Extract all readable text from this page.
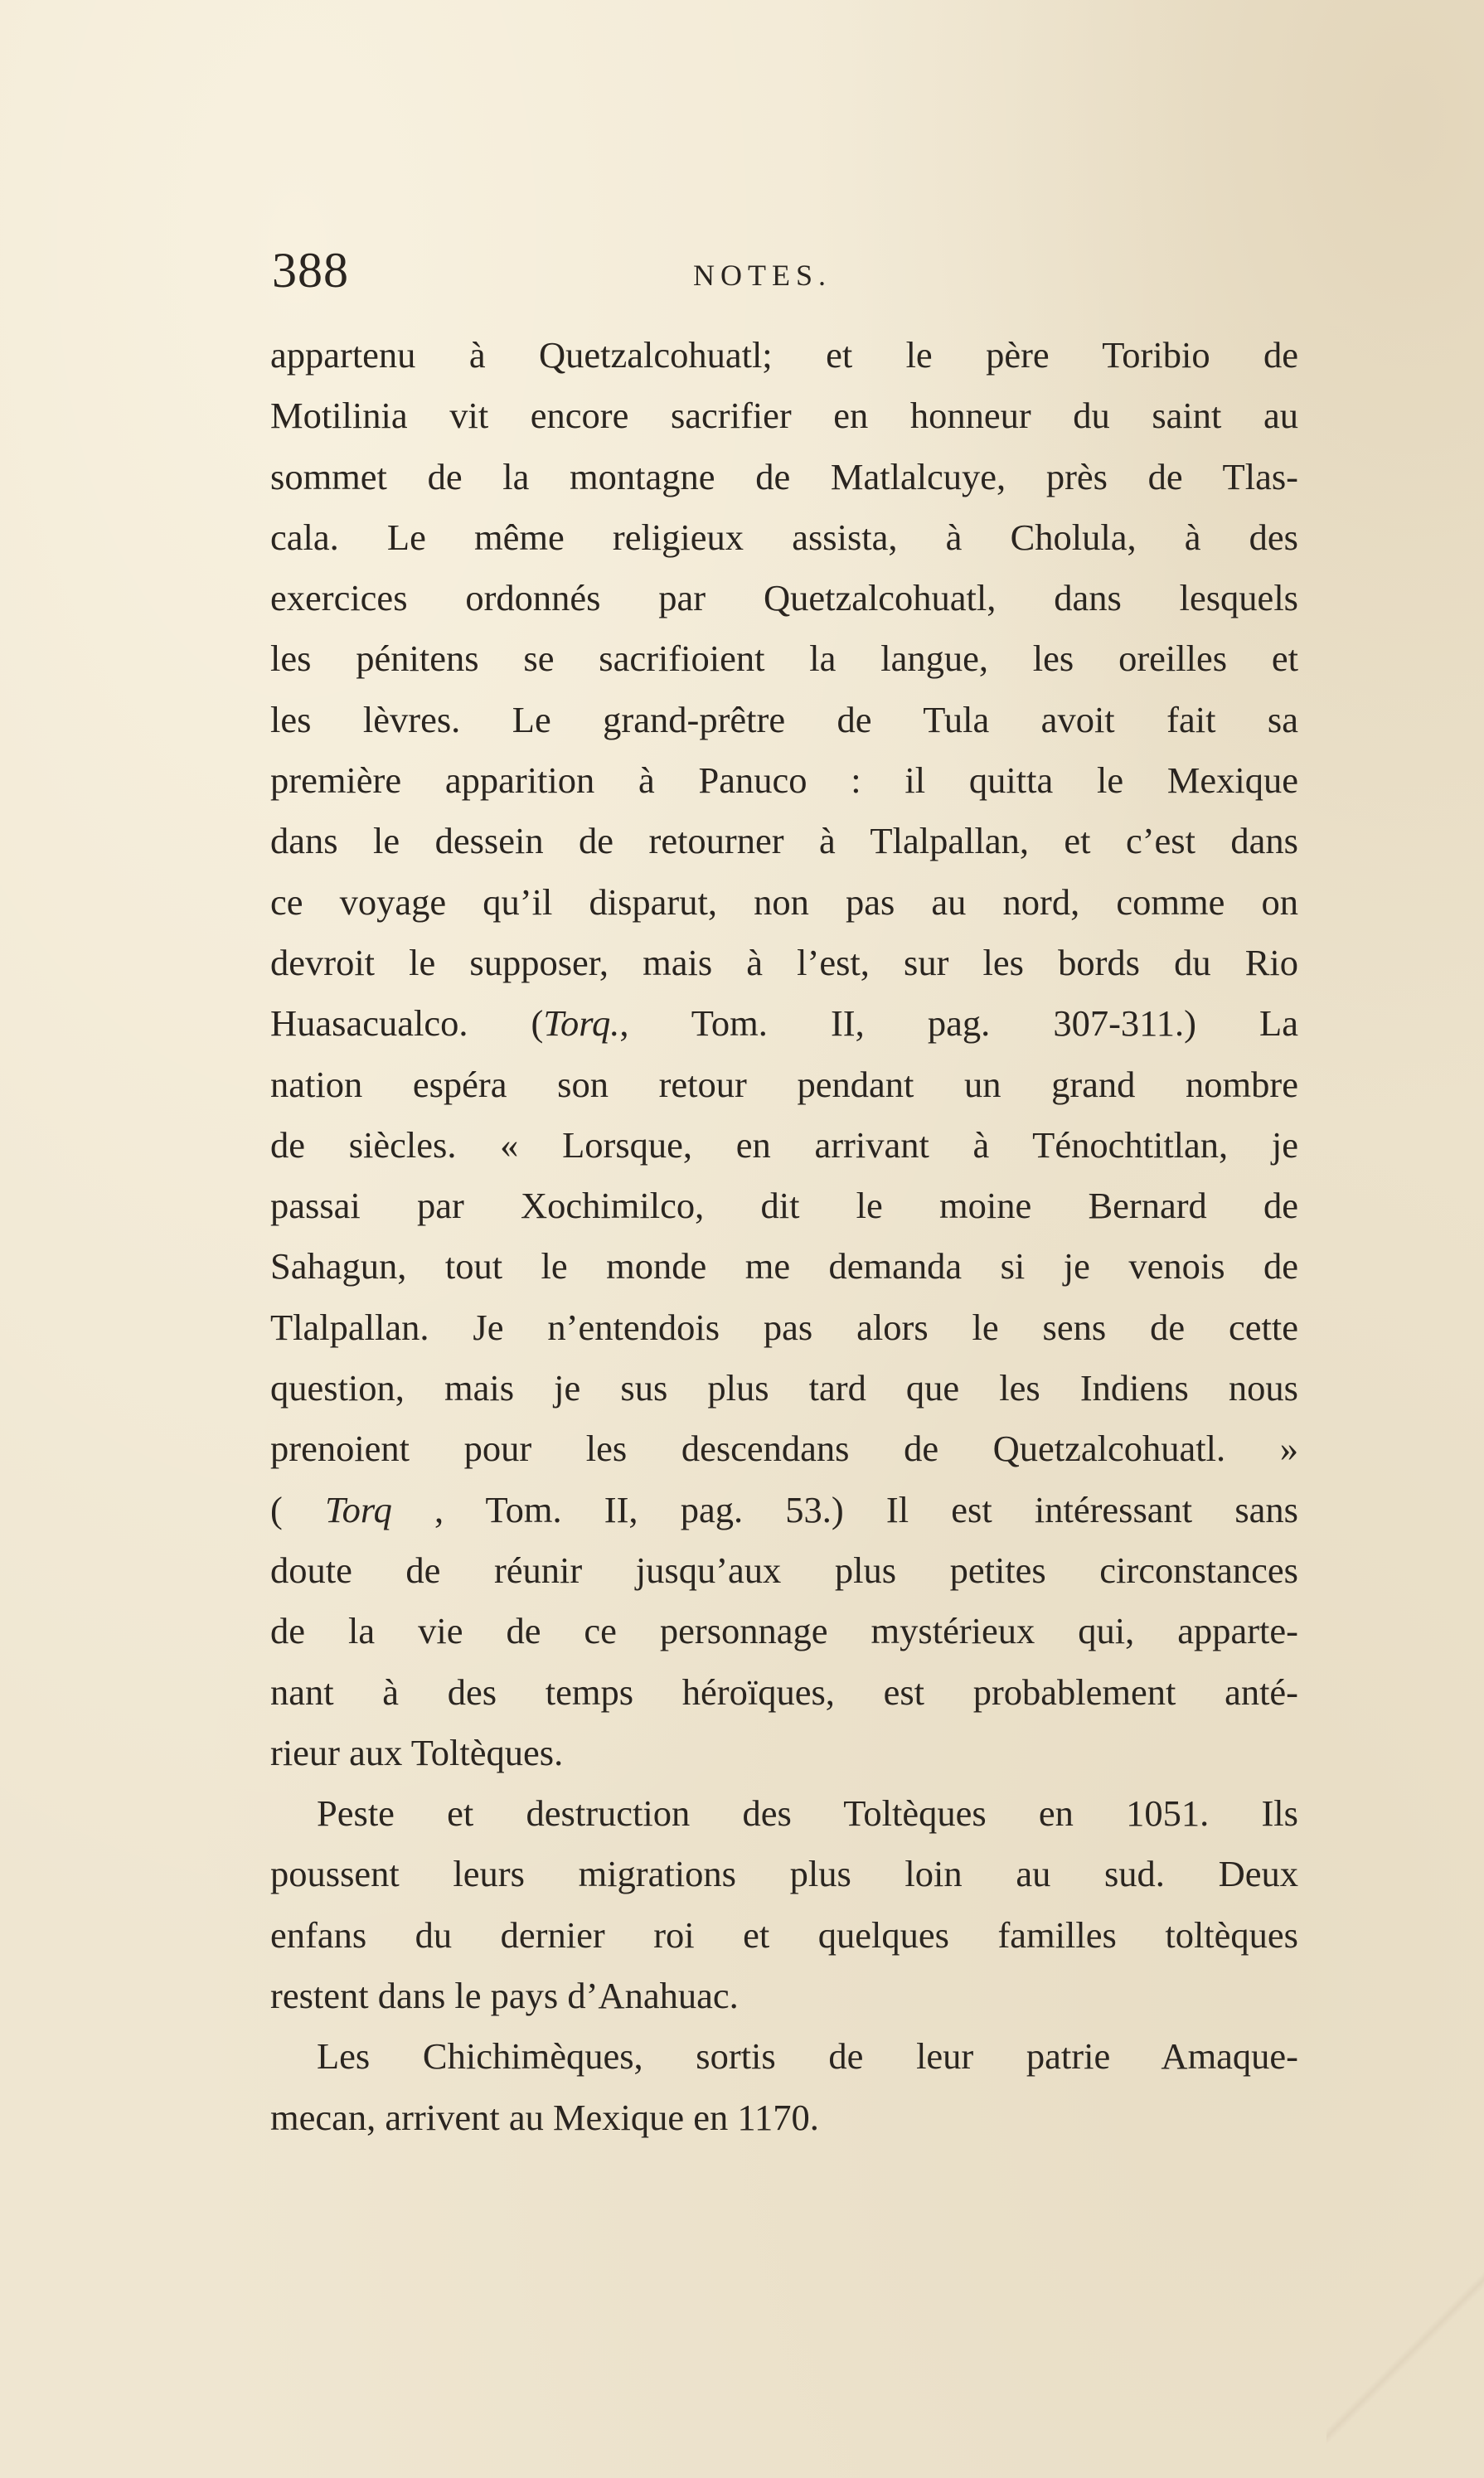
388	NOTES.
appartenu à Quetzalcohuatl; et le père Toribio de
Motilinia vit encore sacrifier en honneur du saint au
sommet de la montagne de Matlalcuye, près de Tlas-
cala. Le même religieux assista, à Cholula, à des
exercices ordonnés par Quetzalcohuatl, dans lesquels
les pénitens se sacrifioient la langue, les oreilles et
les lèvres. Le grand-prêtre de Tula avoit fait sa
première apparition à Panuco : il quitta le Mexique
dans le dessein de retourner à Tlalpallan, et c’est dans
ce voyage qu’il disparut, non pas au nord, comme on
devroit le supposer, mais à l’est, sur les bords du Rio
Huasacualco. (Torq., Tom. II, pag. 307-311.) La
nation espéra son retour pendant un grand nombre
de siècles. « Lorsque, en arrivant à Ténochtitlan, je
passai par Xochimilco, dit le moine Bernard de
Sahagun, tout le monde me demanda si je venois de
Tlalpallan. Je n’entendois pas alors le sens de cette
question, mais je sus plus tard que les Indiens nous
prenoient pour les descendans de Quetzalcohuatl. »
( Torq , Tom. II, pag. 53.) Il est intéressant sans
doute de réunir jusqu’aux plus petites circonstances
de la vie de ce personnage mystérieux qui, apparte-
nant à des temps héroïques, est probablement anté-
rieur aux Toltèques.
Peste et destruction des Toltèques en 1051. Ils
poussent leurs migrations plus loin au sud. Deux
enfans du dernier roi et quelques familles toltèques
restent dans le pays d’Anahuac.
Les Chichimèques, sortis de leur patrie Amaque-
mecan, arrivent au Mexique en 1170.
